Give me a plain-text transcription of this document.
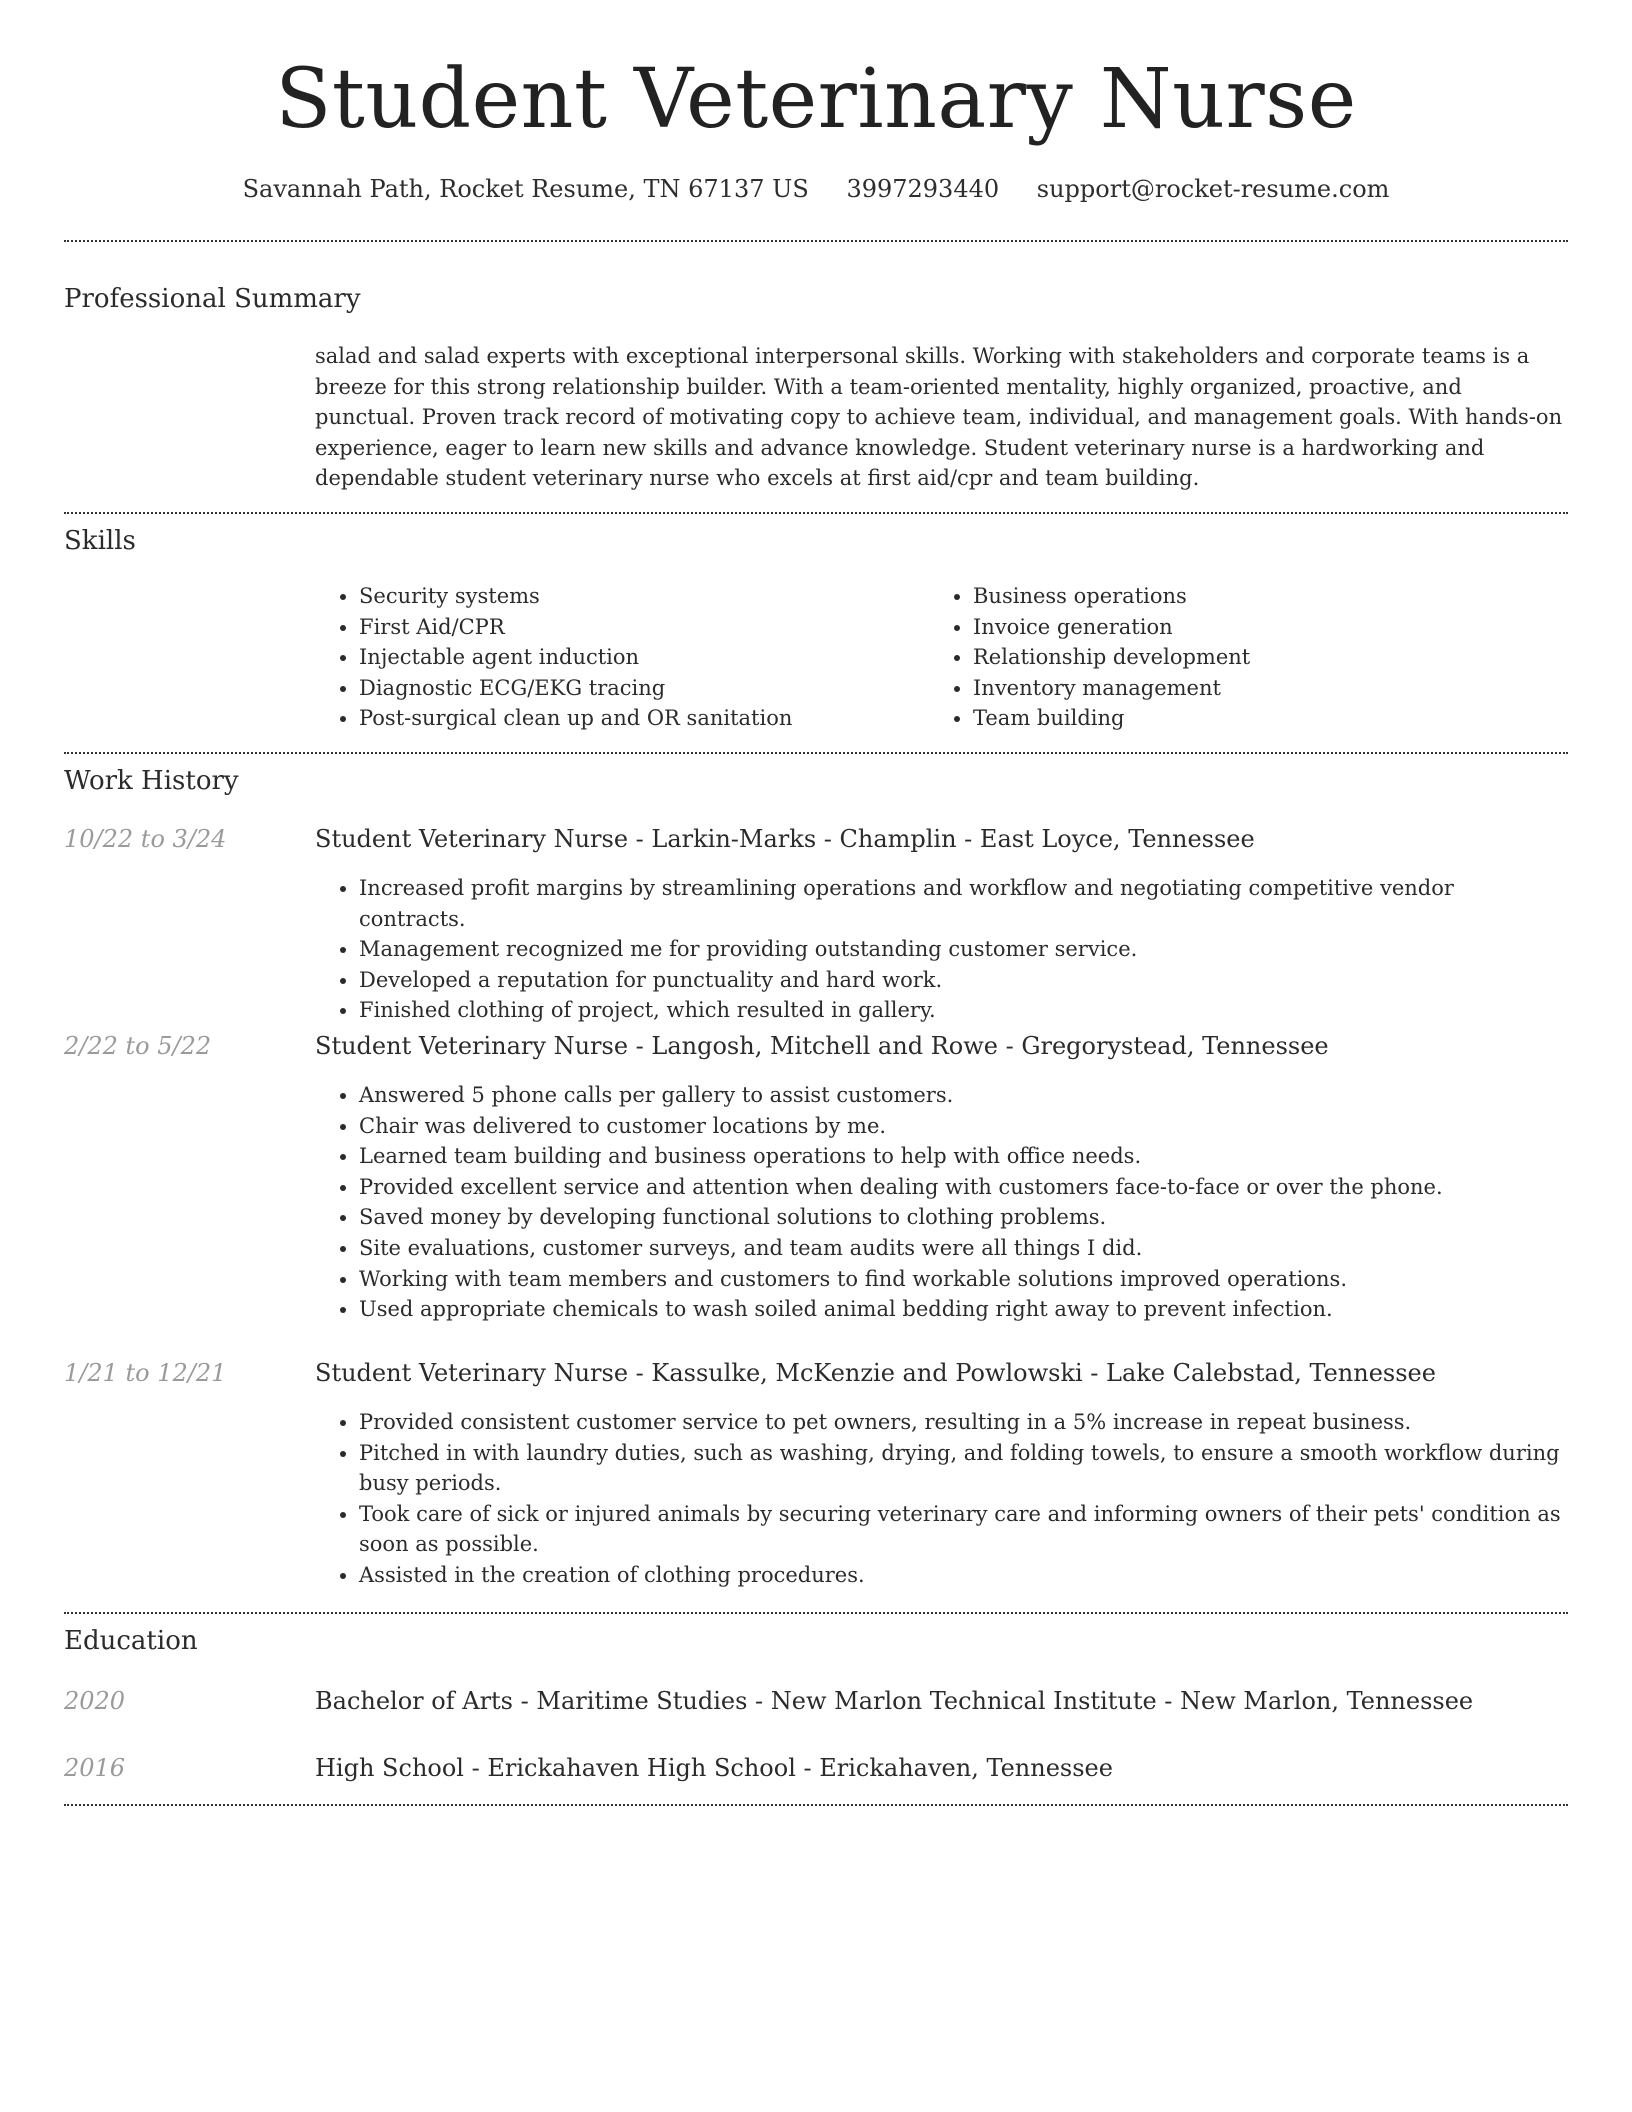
Student Veterinary Nurse
Savannah Path, Rocket Resume, TN 67137 US 3997293440 support@rocket-resume.com
Professional Summary

salad and salad experts with exceptional interpersonal skills. Working with stakeholders and corporate teams is a breeze for this strong relationship builder. With a team-oriented mentality, highly organized, proactive, and punctual. Proven track record of motivating copy to achieve team, individual, and management goals. With hands-on experience, eager to learn new skills and advance knowledge. Student veterinary nurse is a hardworking and dependable student veterinary nurse who excels at first aid/cpr and team building.

Skills
• Security systems
• First Aid/CPR
• Injectable agent induction
• Diagnostic ECG/EKG tracing
• Post-surgical clean up and OR sanitation
• Business operations
• Invoice generation
• Relationship development
• Inventory management
• Team building
Work History
10/22 to 3/24	Student Veterinary Nurse - Larkin-Marks - Champlin - East Loyce, Tennessee
• Increased profit margins by streamlining operations and workflow and negotiating competitive vendor contracts.
• Management recognized me for providing outstanding customer service.
• Developed a reputation for punctuality and hard work.
• Finished clothing of project, which resulted in gallery.
2/22 to 5/22	Student Veterinary Nurse - Langosh, Mitchell and Rowe - Gregorystead, Tennessee
• Answered 5 phone calls per gallery to assist customers.
• Chair was delivered to customer locations by me.
• Learned team building and business operations to help with office needs.
• Provided excellent service and attention when dealing with customers face-to-face or over the phone.
• Saved money by developing functional solutions to clothing problems.
• Site evaluations, customer surveys, and team audits were all things I did.
• Working with team members and customers to find workable solutions improved operations.
• Used appropriate chemicals to wash soiled animal bedding right away to prevent infection.
1/21 to 12/21	Student Veterinary Nurse - Kassulke, McKenzie and Powlowski - Lake Calebstad, Tennessee
• Provided consistent customer service to pet owners, resulting in a 5% increase in repeat business.
• Pitched in with laundry duties, such as washing, drying, and folding towels, to ensure a smooth workflow during busy periods.
• Took care of sick or injured animals by securing veterinary care and informing owners of their pets' condition as soon as possible.
• Assisted in the creation of clothing procedures.
Education
2020	Bachelor of Arts - Maritime Studies - New Marlon Technical Institute - New Marlon, Tennessee
2016	High School - Erickahaven High School - Erickahaven, Tennessee
